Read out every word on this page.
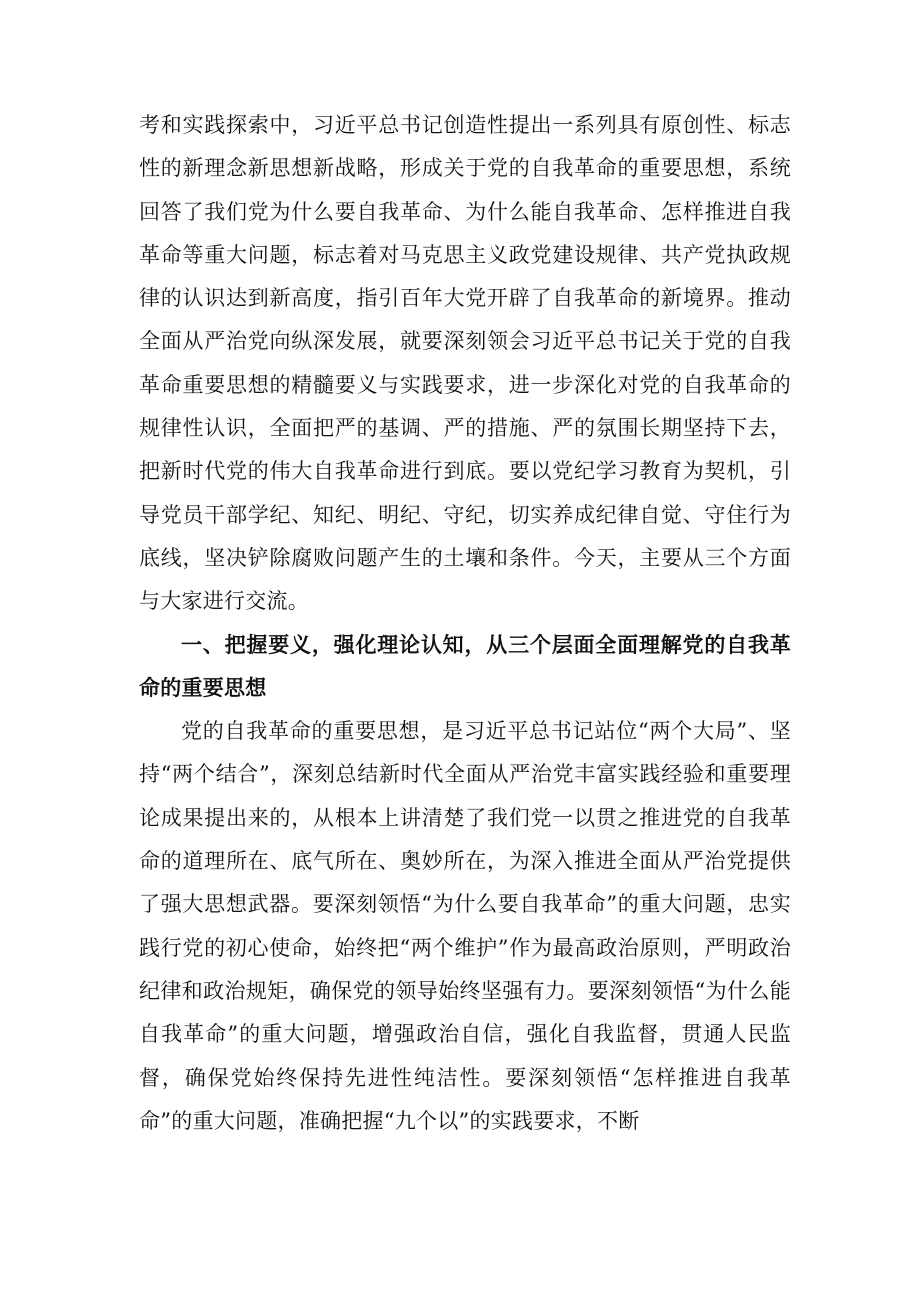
考和实践探索中，习近平总书记创造性提出一系列具有原创性、标志性的新理念新思想新战略，形成关于党的自我革命的重要思想，系统回答了我们党为什么要自我革命、为什么能自我革命、怎样推进自我革命等重大问题，标志着对马克思主义政党建设规律、共产党执政规律的认识达到新高度，指引百年大党开辟了自我革命的新境界。推动全面从严治党向纵深发展，就要深刻领会习近平总书记关于党的自我革命重要思想的精髓要义与实践要求，进一步深化对党的自我革命的规律性认识，全面把严的基调、严的措施、严的氛围长期坚持下去，把新时代党的伟大自我革命进行到底。要以党纪学习教育为契机，引导党员干部学纪、知纪、明纪、守纪，切实养成纪律自觉、守住行为底线，坚决铲除腐败问题产生的土壤和条件。今天，主要从三个方面与大家进行交流。

一、把握要义，强化理论认知，从三个层面全面理解党的自我革命的重要思想

党的自我革命的重要思想，是习近平总书记站位“两个大局”、坚持“两个结合”，深刻总结新时代全面从严治党丰富实践经验和重要理论成果提出来的，从根本上讲清楚了我们党一以贯之推进党的自我革命的道理所在、底气所在、奥妙所在，为深入推进全面从严治党提供了强大思想武器。要深刻领悟“为什么要自我革命”的重大问题，忠实践行党的初心使命，始终把“两个维护”作为最高政治原则，严明政治纪律和政治规矩，确保党的领导始终坚强有力。要深刻领悟“为什么能自我革命”的重大问题，增强政治自信，强化自我监督，贯通人民监督，确保党始终保持先进性纯洁性。要深刻领悟“怎样推进自我革命”的重大问题，准确把握“九个以”的实践要求，不断
